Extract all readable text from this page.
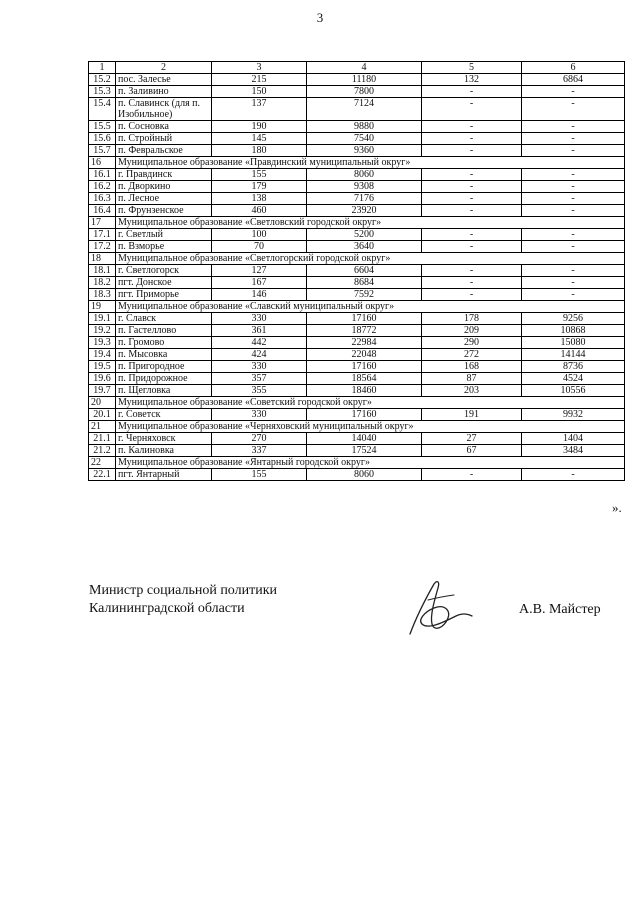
3
1	2	3	4	5	6
15.2	пос. Залесье	215	11180	132	6864
15.3	п. Заливино	150	7800	-	-
15.4	п. Славинск (для п. Изобильное)	137	7124	-	-
15.5	п. Сосновка	190	9880	-	-
15.6	п. Стройный	145	7540	-	-
15.7	п. Февральское	180	9360	-	-
16	Муниципальное образование «Правдинский муниципальный округ»				
16.1	г. Правдинск	155	8060	-	-
16.2	п. Дворкино	179	9308	-	-
16.3	п. Лесное	138	7176	-	-
16.4	п. Фрунзенское	460	23920	-	-
17	Муниципальное образование «Светловский городской округ»				
17.1	г. Светлый	100	5200	-	-
17.2	п. Взморье	70	3640	-	-
18	Муниципальное образование «Светлогорский городской округ»				
18.1	г. Светлогорск	127	6604	-	-
18.2	пгт. Донское	167	8684	-	-
18.3	пгт. Приморье	146	7592	-	-
19	Муниципальное образование «Славский муниципальный округ»				
19.1	г. Славск	330	17160	178	9256
19.2	п. Гастеллово	361	18772	209	10868
19.3	п. Громово	442	22984	290	15080
19.4	п. Мысовка	424	22048	272	14144
19.5	п. Пригородное	330	17160	168	8736
19.6	п. Придорожное	357	18564	87	4524
19.7	п. Щегловка	355	18460	203	10556
20	Муниципальное образование «Советский городской округ»				
20.1	г. Советск	330	17160	191	9932
21	Муниципальное образование «Черняховский муниципальный округ»				
21.1	г. Черняховск	270	14040	27	1404
21.2	п. Калиновка	337	17524	67	3484
22	Муниципальное образование «Янтарный городской округ»				
22.1	пгт. Янтарный	155	8060	-	-
».
Министр социальной политики
Калининградской области	А.В. Майстер
